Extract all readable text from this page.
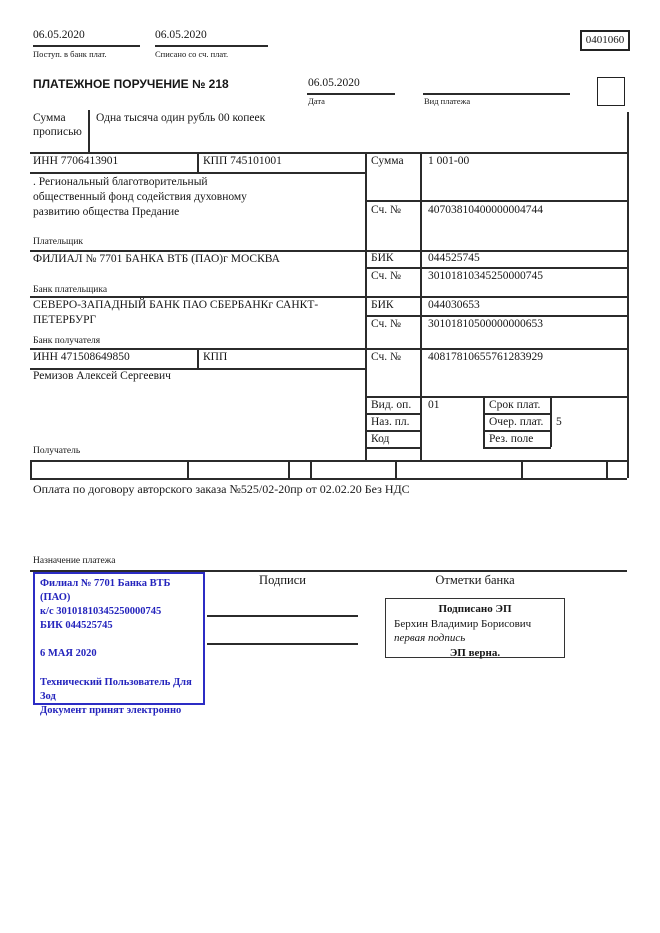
06.05.2020
Поступ. в банк плат.
06.05.2020
Списано со сч. плат.
0401060
ПЛАТЕЖНОЕ ПОРУЧЕНИЕ № 218	06.05.2020
Дата	Вид платежа
Сумма
прописью
Одна тысяча один рубль 00 копеек
ИНН 7706413901	КПП 745101001	Сумма 1 001-00
. Региональный благотворительный
общественный фонд содействия духовному
развитию общества Предание	Сч. № 40703810400000004744
Плательщик
ФИЛИАЛ № 7701 БАНКА ВТБ (ПАО)г МОСКВА	БИК	044525745
Сч. № 30101810345250000745
Банк плательщика
СЕВЕРО-ЗАПАДНЫЙ БАНК ПАО СБЕРБАНКг САНКТ-
ПЕТЕРБУРГ
БИК	044030653
Сч. № 30101810500000000653
Банк получателя
ИНН 471508649850	КПП	Сч. № 40817810655761283929
Ремизов Алексей Сергеевич
Вид. оп. 01	Срок плат.
Наз. пл.	Очер. плат. 5
Код	Рез. поле
Получатель
Оплата по договору авторского заказа №525/02-20пр от 02.02.20 Без НДС
Назначение платежа
Филиал № 7701 Банка ВТБ (ПАО)
к/с 30101810345250000745
БИК 044525745
6 МАЯ 2020
Технический Пользователь Для
Зод
Документ принят электронно
Подписи	Отметки банка
Подписано ЭП
Берхин Владимир Борисович
первая подпись
ЭП верна.
